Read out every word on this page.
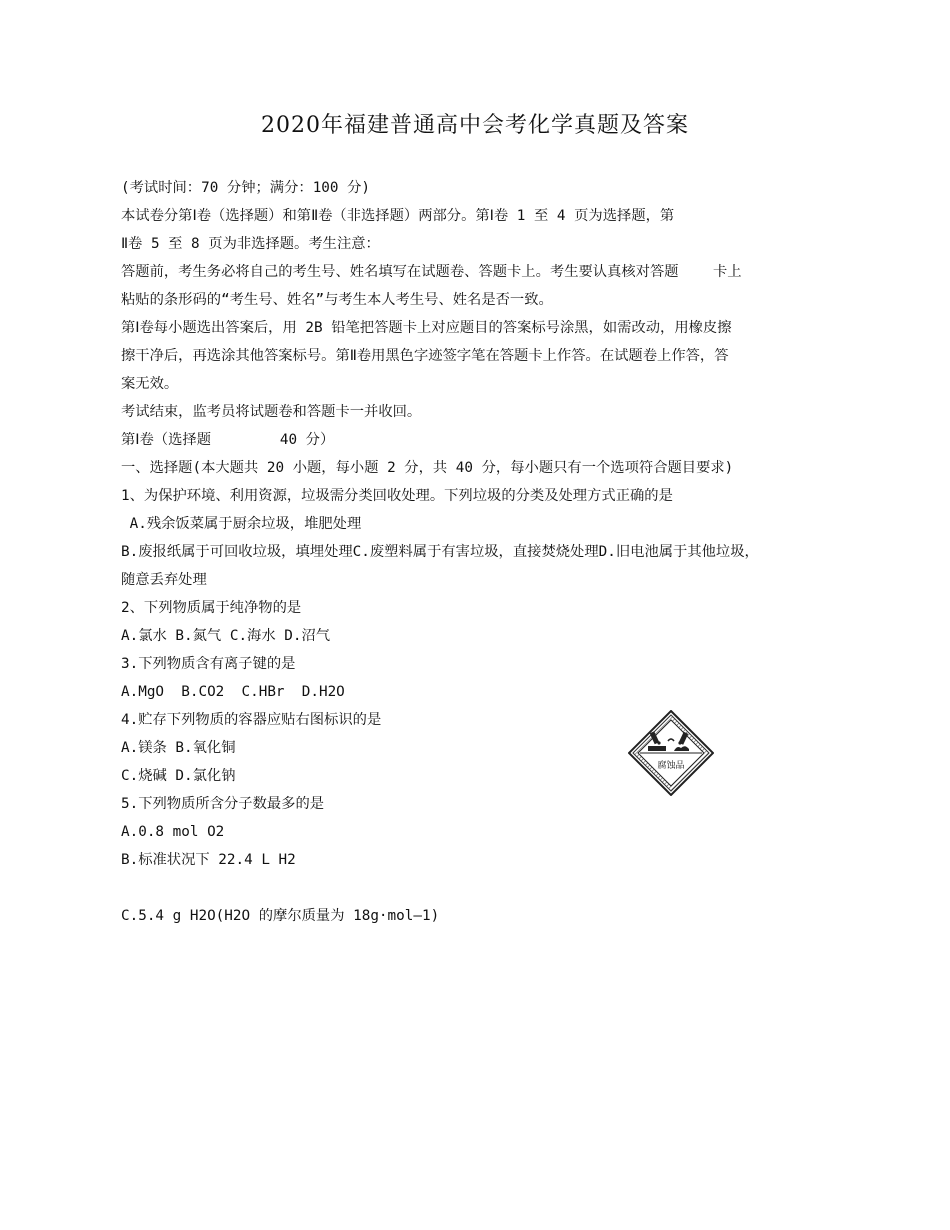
2020年福建普通高中会考化学真题及答案
(考试时间：70 分钟；满分：100 分)
本试卷分第Ⅰ卷（选择题）和第Ⅱ卷（非选择题）两部分。第Ⅰ卷 1 至 4 页为选择题，第
Ⅱ卷 5 至 8 页为非选择题。考生注意：
答题前，考生务必将自己的考生号、姓名填写在试题卷、答题卡上。考生要认真核对答题    卡上
粘贴的条形码的“考生号、姓名”与考生本人考生号、姓名是否一致。
第Ⅰ卷每小题选出答案后，用 2B 铅笔把答题卡上对应题目的答案标号涂黑，如需改动，用橡皮擦
擦干净后，再选涂其他答案标号。第Ⅱ卷用黑色字迹签字笔在答题卡上作答。在试题卷上作答，答
案无效。
考试结束，监考员将试题卷和答题卡一并收回。
第Ⅰ卷（选择题        40 分）
一、选择题(本大题共 20 小题，每小题 2 分，共 40 分，每小题只有一个选项符合题目要求)
1、为保护环境、利用资源，垃圾需分类回收处理。下列垃圾的分类及处理方式正确的是
A.残余饭菜属于厨余垃圾，堆肥处理
B.废报纸属于可回收垃圾，填埋处理C.废塑料属于有害垃圾，直接焚烧处理D.旧电池属于其他垃圾，
随意丢弃处理
2、下列物质属于纯净物的是
A.氯水 B.氮气 C.海水 D.沼气
3.下列物质含有离子键的是
A.MgO  B.CO2  C.HBr  D.H2O
4.贮存下列物质的容器应贴右图标识的是
A.镁条 B.氧化铜
C.烧碱 D.氯化钠
5.下列物质所含分子数最多的是
A.0.8 mol O2
B.标准状况下 22.4 L H2
C.5.4 g H2O(H2O 的摩尔质量为 18g·mol—1)
腐蚀品
